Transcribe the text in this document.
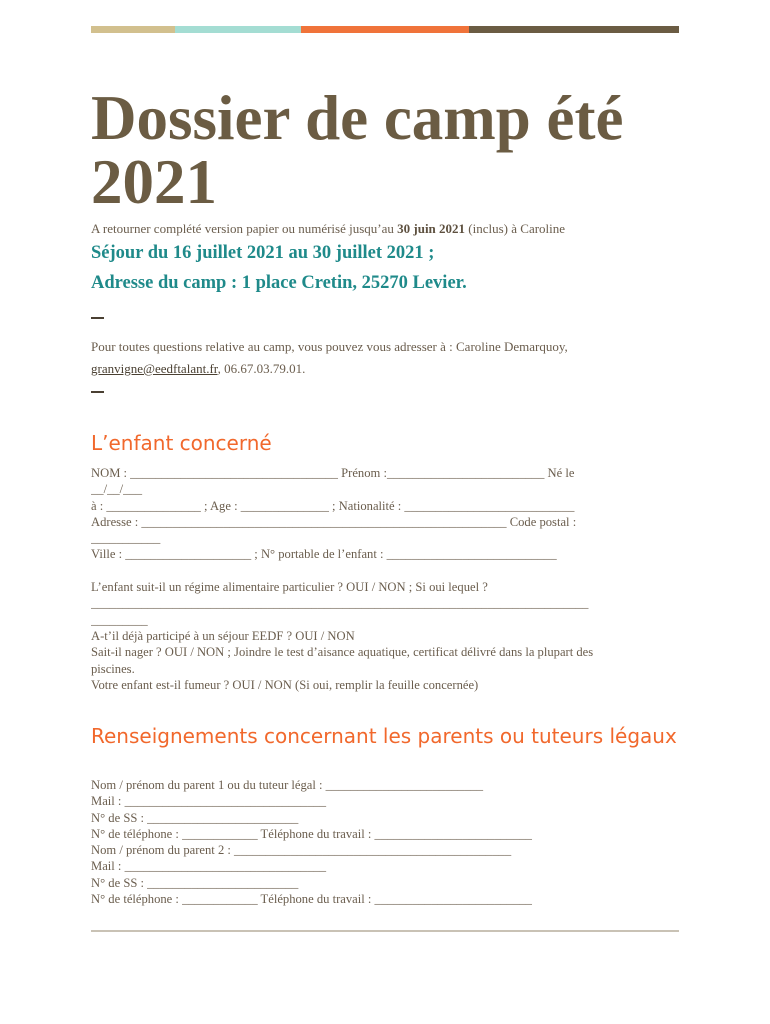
Dossier de camp été 2021
A retourner complété version papier ou numérisé jusqu’au 30 juin 2021 (inclus) à Caroline
Séjour du 16 juillet 2021 au 30 juillet 2021 ;
Adresse du camp : 1 place Cretin, 25270 Levier.
Pour toutes questions relative au camp, vous pouvez vous adresser à : Caroline Demarquoy,
granvigne@eedftalant.fr, 06.67.03.79.01.
L’enfant concerné

NOM : _________________________________ Prénom :_________________________ Né le

__/__/___

à : _______________ ; Age : ______________ ; Nationalité : ___________________________

Adresse : __________________________________________________________ Code postal :

___________

Ville : ____________________ ; N° portable de l’enfant : ___________________________

L’enfant suit-il un régime alimentaire particulier ? OUI / NON ; Si oui lequel ?

_______________________________________________________________________________

_________

A-t’il déjà participé à un séjour EEDF ? OUI / NON

Sait-il nager ? OUI / NON ; Joindre le test d’aisance aquatique, certificat délivré dans la plupart des

piscines.

Votre enfant est-il fumeur ? OUI / NON (Si oui, remplir la feuille concernée)

Renseignements concernant les parents ou tuteurs légaux

Nom / prénom du parent 1 ou du tuteur légal : _________________________

Mail : ________________________________

N° de SS : ________________________

N° de téléphone : ____________ Téléphone du travail : _________________________

Nom / prénom du parent 2 : ____________________________________________

Mail : ________________________________

N° de SS : ________________________

N° de téléphone : ____________ Téléphone du travail : _________________________
